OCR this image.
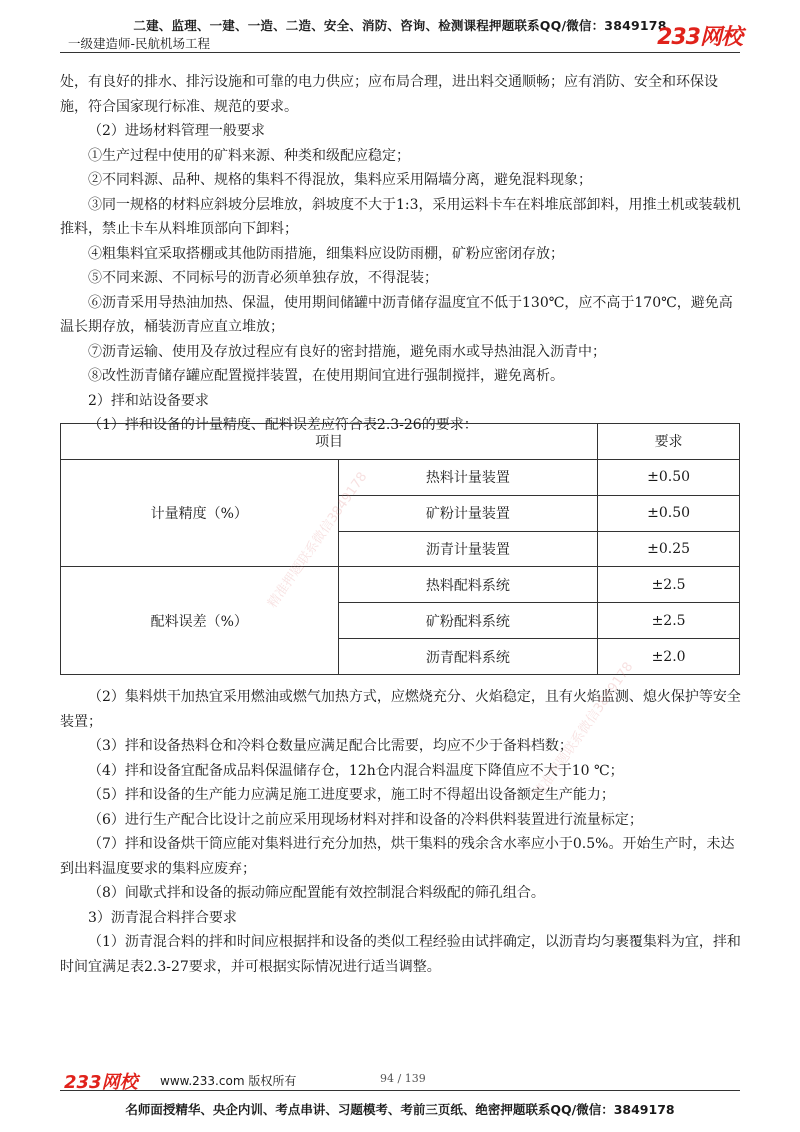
二建、监理、一建、一造、二造、安全、消防、咨询、检测课程押题联系QQ/微信：3849178
一级建造师-民航机场工程	233网校

处，有良好的排水、排污设施和可靠的电力供应；应布局合理，进出料交通顺畅；应有消防、安全和环保设施，符合国家现行标准、规范的要求。

（2）进场材料管理一般要求

①生产过程中使用的矿料来源、种类和级配应稳定；

②不同料源、品种、规格的集料不得混放，集料应采用隔墙分离，避免混料现象；

③同一规格的材料应斜坡分层堆放，斜坡度不大于1:3，采用运料卡车在料堆底部卸料，用推土机或装载机推料，禁止卡车从料堆顶部向下卸料；

④粗集料宜采取搭棚或其他防雨措施，细集料应设防雨棚，矿粉应密闭存放；

⑤不同来源、不同标号的沥青必须单独存放，不得混装；

⑥沥青采用导热油加热、保温，使用期间储罐中沥青储存温度宜不低于130℃，应不高于170℃，避免高温长期存放，桶装沥青应直立堆放；

⑦沥青运输、使用及存放过程应有良好的密封措施，避免雨水或导热油混入沥青中；

⑧改性沥青储存罐应配置搅拌装置，在使用期间宜进行强制搅拌，避免离析。

2）拌和站设备要求

（1）拌和设备的计量精度、配料误差应符合表2.3-26的要求：

项目		要求
计量精度（%）	热料计量装置	±0.50
	矿粉计量装置	±0.50
	沥青计量装置	±0.25
配料误差（%）	热料配料系统	±2.5
	矿粉配料系统	±2.5
	沥青配料系统	±2.0

（2）集料烘干加热宜采用燃油或燃气加热方式，应燃烧充分、火焰稳定，且有火焰监测、熄火保护等安全装置；

（3）拌和设备热料仓和冷料仓数量应满足配合比需要，均应不少于备料档数；

（4）拌和设备宜配备成品料保温储存仓，12h仓内混合料温度下降值应不大于10 ℃；

（5）拌和设备的生产能力应满足施工进度要求，施工时不得超出设备额定生产能力；

（6）进行生产配合比设计之前应采用现场材料对拌和设备的冷料供料装置进行流量标定；

（7）拌和设备烘干筒应能对集料进行充分加热，烘干集料的残余含水率应小于0.5%。开始生产时，未达到出料温度要求的集料应废弃；

（8）间歇式拌和设备的振动筛应配置能有效控制混合料级配的筛孔组合。

3）沥青混合料拌合要求

（1）沥青混合料的拌和时间应根据拌和设备的类似工程经验由试拌确定，以沥青均匀裹覆集料为宜，拌和时间宜满足表2.3-27要求，并可根据实际情况进行适当调整。

精准押题联系微信3849178
精准押题联系微信3849178
233网校 www.233.com 版权所有	94 / 139
名师面授精华、央企内训、考点串讲、习题模考、考前三页纸、绝密押题联系QQ/微信：3849178
